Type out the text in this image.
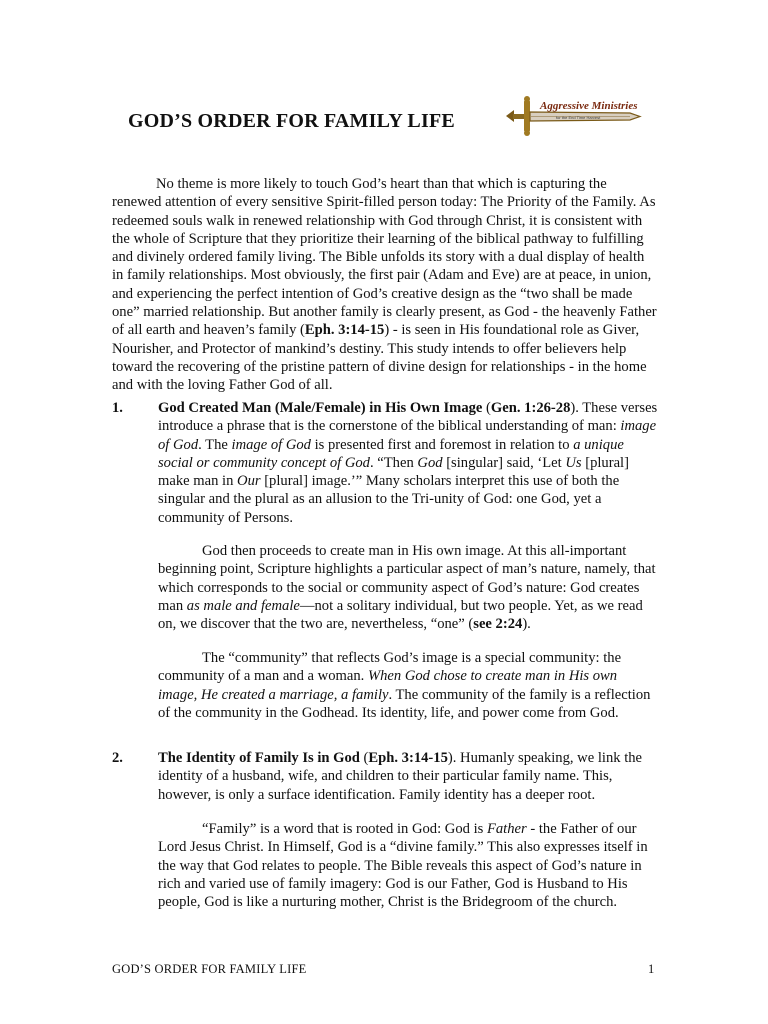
GOD’S ORDER FOR FAMILY LIFE
Aggressive Ministries
for the End Time Harvest

No theme is more likely to touch God’s heart than that which is capturing the renewed attention of every sensitive Spirit-filled person today: The Priority of the Family. As redeemed souls walk in renewed relationship with God through Christ, it is consistent with the whole of Scripture that they prioritize their learning of the biblical pathway to fulfilling and divinely ordered family living. The Bible unfolds its story with a dual display of health in family relationships. Most obviously, the first pair (Adam and Eve) are at peace, in union, and experiencing the perfect intention of God’s creative design as the “two shall be made one” married relationship. But another family is clearly present, as God - the heavenly Father of all earth and heaven’s family (Eph. 3:14-15) - is seen in His foundational role as Giver, Nourisher, and Protector of mankind’s destiny. This study intends to offer believers help toward the recovering of the pristine pattern of divine design for relationships - in the home and with the loving Father God of all.

1. God Created Man (Male/Female) in His Own Image (Gen. 1:26-28). These verses introduce a phrase that is the cornerstone of the biblical understanding of man: image of God. The image of God is presented first and foremost in relation to a unique social or community concept of God. “Then God [singular] said, ‘Let Us [plural] make man in Our [plural] image.’” Many scholars interpret this use of both the singular and the plural as an allusion to the Tri-unity of God: one God, yet a community of Persons.

God then proceeds to create man in His own image. At this all-important beginning point, Scripture highlights a particular aspect of man’s nature, namely, that which corresponds to the social or community aspect of God’s nature: God creates man as male and female—not a solitary individual, but two people. Yet, as we read on, we discover that the two are, nevertheless, “one” (see 2:24).

The “community” that reflects God’s image is a special community: the community of a man and a woman. When God chose to create man in His own image, He created a marriage, a family. The community of the family is a reflection of the community in the Godhead. Its identity, life, and power come from God.

2. The Identity of Family Is in God (Eph. 3:14-15). Humanly speaking, we link the identity of a husband, wife, and children to their particular family name. This, however, is only a surface identification. Family identity has a deeper root.

“Family” is a word that is rooted in God: God is Father - the Father of our Lord Jesus Christ. In Himself, God is a “divine family.” This also expresses itself in the way that God relates to people. The Bible reveals this aspect of God’s nature in rich and varied use of family imagery: God is our Father, God is Husband to His people, God is like a nurturing mother, Christ is the Bridegroom of the church.

GOD’S ORDER FOR FAMILY LIFE	1
